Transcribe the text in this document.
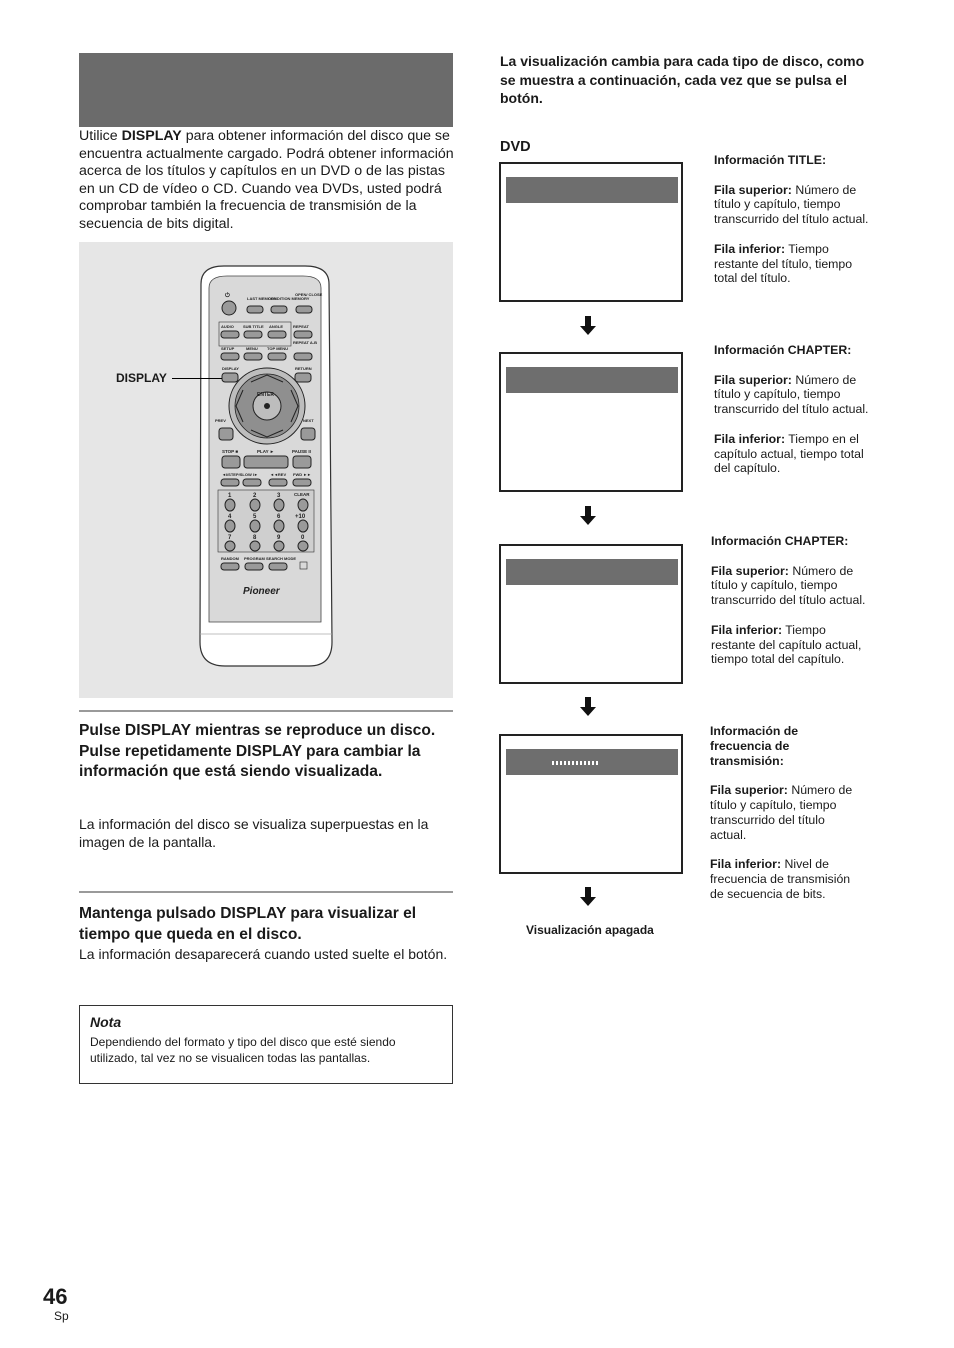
Utilice DISPLAY para obtener información del disco que se encuentra actualmente cargado. Podrá obtener información acerca de los títulos y capítulos en un DVD o de las pistas en un CD de vídeo o CD. Cuando vea DVDs, usted podrá comprobar también la frecuencia de transmisión de la secuencia de bits digital.
⏻	LAST MEMORY
CONDITION MEMORY
OPEN/ CLOSE
AUDIO SUB TITLE ANGLE	REPEAT
SETUP	MENU TOP MENU
REPEAT A-B
DISPLAY	RETURN
ENTER
PREV	NEXT
STOP ■	PLAY ►	PAUSE II
◄I/STEP/SLOW I►	◄◄REV FWD ►►
1	2	3
4	5	6
7	8	9	0
CLEAR
+10
RANDOM PROGRAM SEARCH MODE
Pioneer
DISPLAY
Pulse DISPLAY mientras se reproduce un disco.
Pulse repetidamente DISPLAY para cambiar la información que está siendo visualizada.
La información del disco se visualiza superpuestas en la imagen de la pantalla.
Mantenga pulsado DISPLAY para visualizar el tiempo que queda en el disco.
La información desaparecerá cuando usted suelte el botón.
Nota
Dependiendo del formato y tipo del disco que esté siendo utilizado, tal vez no se visualicen todas las pantallas.
La visualización cambia para cada tipo de disco, como se muestra a continuación, cada vez que se pulsa el botón.
DVD
Visualización apagada

Información TITLE:

Fila superior: Número de título y capítulo, tiempo transcurrido del título actual.

Fila inferior: Tiempo restante del título, tiempo total del título.

Información CHAPTER:

Fila superior: Número de título y capítulo, tiempo transcurrido del título actual.

Fila inferior: Tiempo en el capítulo actual, tiempo total del capítulo.

Información CHAPTER:

Fila superior: Número de título y capítulo, tiempo transcurrido del título actual.

Fila inferior: Tiempo restante del capítulo actual, tiempo total del capítulo.

Información de frecuencia de transmisión:

Fila superior: Número de título y capítulo, tiempo transcurrido del título actual.

Fila inferior: Nivel de frecuencia de transmisión de secuencia de bits.

46
Sp
